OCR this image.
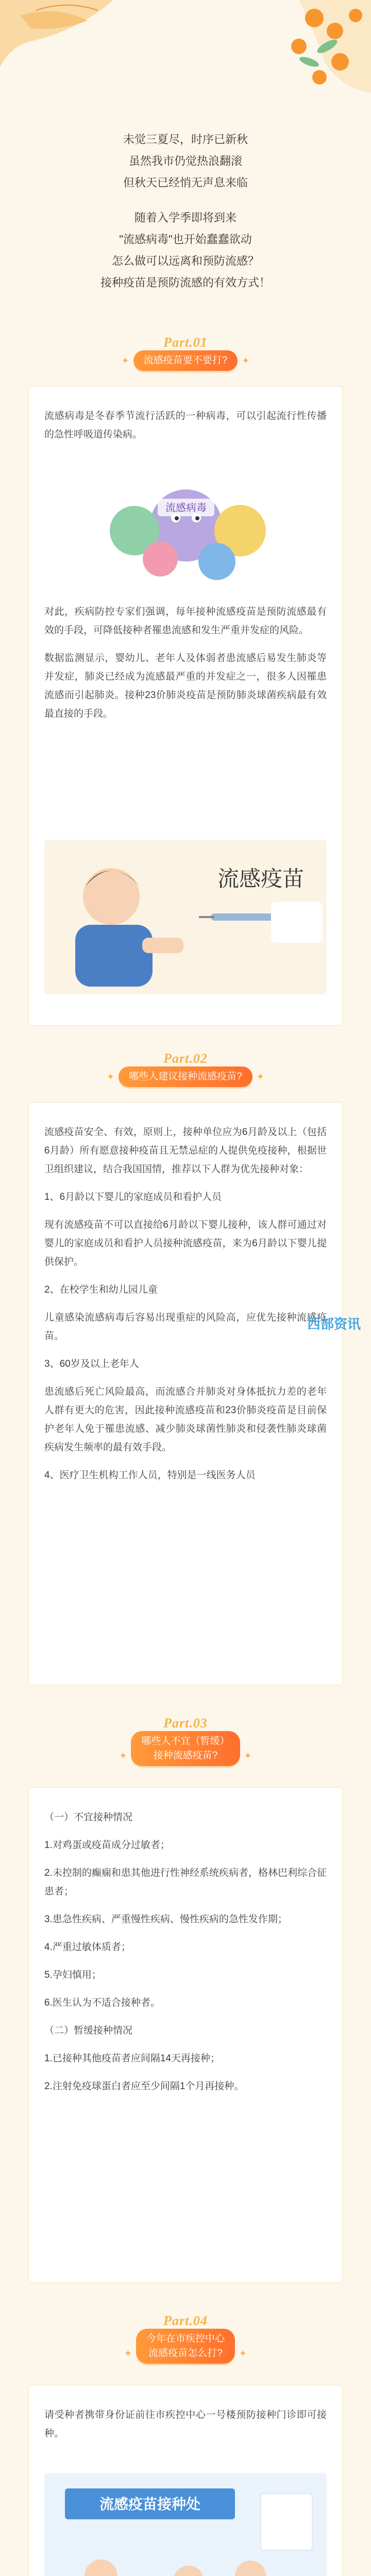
未觉三夏尽，时序已新秋

虽然我市仍觉热浪翻滚

但秋天已经悄无声息来临

随着入学季即将到来

"流感病毒"也开始蠢蠢欲动

怎么做可以远离和预防流感？

接种疫苗是预防流感的有效方式！

Part.01
✦ 流感疫苗要不要打? ✦

流感病毒是冬春季节流行活跃的一种病毒，可以引起流行性传播的急性呼吸道传染病。

流感病毒

对此，疾病防控专家们强调，每年接种流感疫苗是预防流感最有效的手段，可降低接种者罹患流感和发生严重并发症的风险。

数据监测显示，婴幼儿、老年人及体弱者患流感后易发生肺炎等并发症，肺炎已经成为流感最严重的并发症之一，很多人因罹患流感而引起肺炎。接种23价肺炎疫苗是预防肺炎球菌疾病最有效最直接的手段。

流感疫苗
Part.02
✦ 哪些人建议接种流感疫苗? ✦

流感疫苗安全、有效，原则上，接种单位应为6月龄及以上（包括6月龄）所有愿意接种疫苗且无禁忌症的人提供免疫接种，根据世卫组织建议，结合我国国情，推荐以下人群为优先接种对象：

1、6月龄以下婴儿的家庭成员和看护人员

现有流感疫苗不可以直接给6月龄以下婴儿接种，该人群可通过对婴儿的家庭成员和看护人员接种流感疫苗，来为6月龄以下婴儿提供保护。

2、在校学生和幼儿园儿童

儿童感染流感病毒后容易出现重症的风险高，应优先接种流感疫苗。

3、60岁及以上老年人

患流感后死亡风险最高，而流感合并肺炎对身体抵抗力差的老年人群有更大的危害，因此接种流感疫苗和23价肺炎疫苗是目前保护老年人免于罹患流感、减少肺炎球菌性肺炎和侵袭性肺炎球菌疾病发生频率的最有效手段。

4、医疗卫生机构工作人员，特别是一线医务人员

西部资讯
Part.03
✦
哪些人不宜（暂缓）
接种流感疫苗?	✦

（一）不宜接种情况

1.对鸡蛋或疫苗成分过敏者；

2.未控制的癫痫和患其他进行性神经系统疾病者，格林巴利综合征患者；

3.患急性疾病、严重慢性疾病、慢性疾病的急性发作期；

4.严重过敏体质者；

5.孕妇慎用；

6.医生认为不适合接种者。

（二）暂缓接种情况

1.已接种其他疫苗者应间隔14天再接种；

2.注射免疫球蛋白者应至少间隔1个月再接种。

Part.04
✦
今年在市疾控中心
流感疫苗怎么打? ✦

请受种者携带身份证前往市疾控中心一号楼预防接种门诊即可接种。

流感疫苗接种处
